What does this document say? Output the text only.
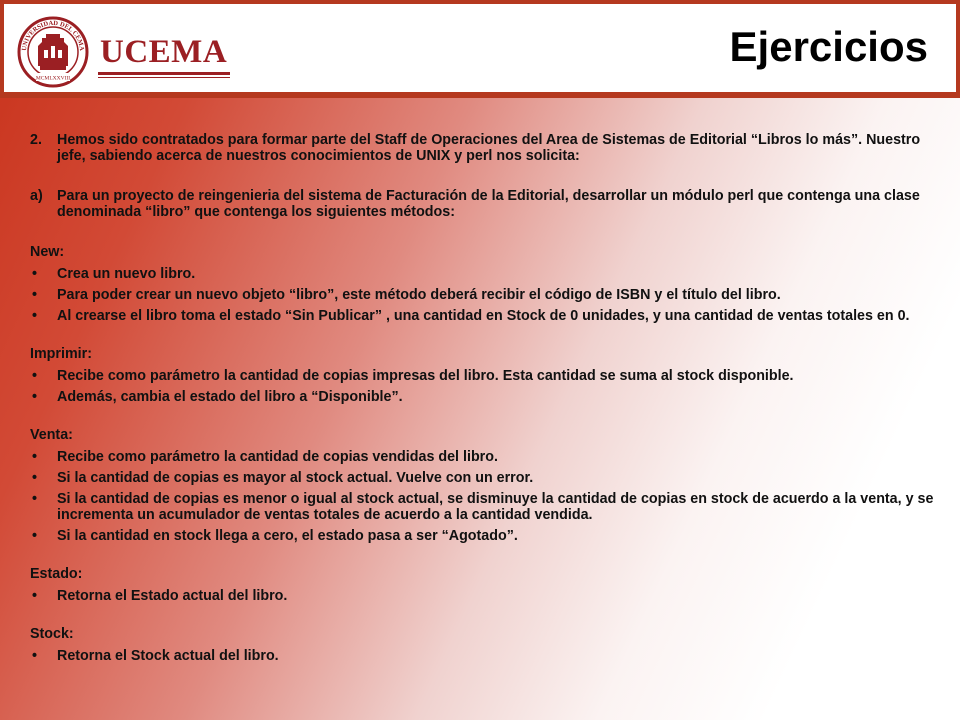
UNIVERSIDAD DEL CEMA
MCMLXXVIII
UCEMA	Ejercicios
2. Hemos sido contratados para formar parte del Staff de Operaciones del Area de Sistemas de Editorial “Libros lo más”. Nuestro jefe, sabiendo acerca de nuestros conocimientos de UNIX y perl nos solicita:
a) Para un proyecto de reingenieria del sistema de Facturación de la Editorial, desarrollar un módulo perl que contenga una clase denominada “libro” que contenga los siguientes métodos:
New:
• Crea un nuevo libro.
• Para poder crear un nuevo objeto “libro”, este método deberá recibir el código de ISBN y el título del libro.
• Al crearse el libro toma el estado “Sin Publicar” , una cantidad en Stock de 0 unidades, y una cantidad de ventas totales en 0.
Imprimir:
• Recibe como parámetro la cantidad de copias impresas del libro. Esta cantidad se suma al stock disponible.
• Además, cambia el estado del libro a “Disponible”.
Venta:
• Recibe como parámetro la cantidad de copias vendidas del libro.
• Si la cantidad de copias es mayor al stock actual. Vuelve con un error.
• Si la cantidad de copias es menor o igual al stock actual, se disminuye la cantidad de copias en stock de acuerdo a la venta, y se incrementa un acumulador de ventas totales de acuerdo a la cantidad vendida.
• Si la cantidad en stock llega a cero, el estado pasa a ser “Agotado”.
Estado:
• Retorna el Estado actual del libro.
Stock:
• Retorna el Stock actual del libro.
